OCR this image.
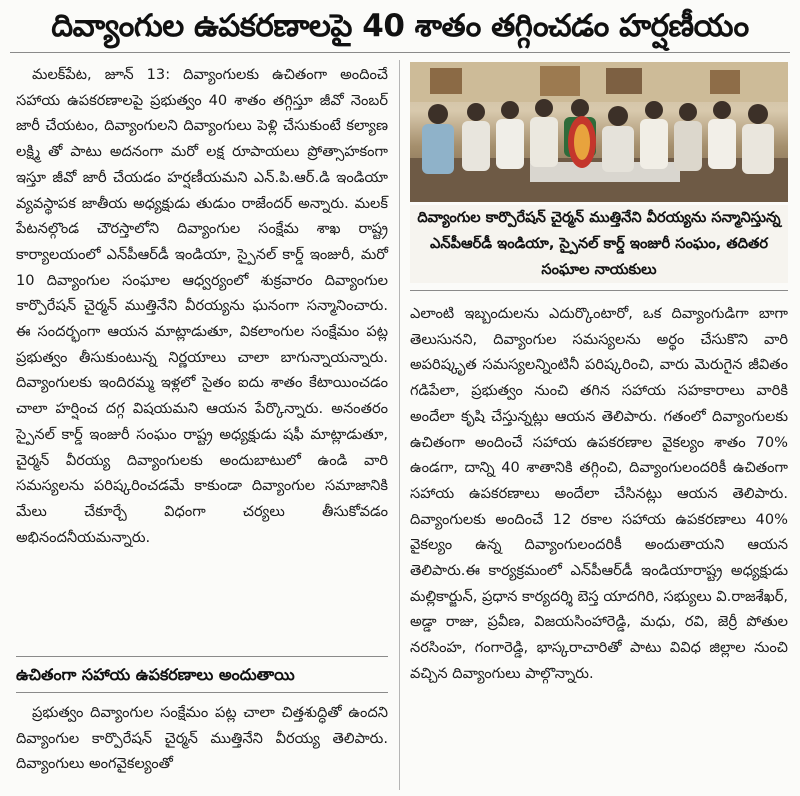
దివ్యాంగుల ఉపకరణాలపై 40 శాతం తగ్గించడం హర్షణీయం

మలక్‌పేట, జూన్ 13: దివ్యాంగులకు ఉచితంగా అందించే సహాయ ఉపకరణాలపై ప్రభుత్వం 40 శాతం తగ్గిస్తూ జీవో నెంబర్ జారీ చేయటం, దివ్యాంగులని దివ్యాంగులు పెళ్లి చేసుకుంటే కల్యాణ లక్ష్మి తో పాటు అదనంగా మరో లక్ష రూపాయలు ప్రోత్సాహకంగా ఇస్తూ జీవో జారీ చేయడం హర్షణీయమని ఎన్.పి.ఆర్.డి ఇండియా వ్యవస్థాపక జాతీయ అధ్యక్షుడు తుడుం రాజేందర్ అన్నారు. మలక్ పేటనల్గొండ చౌరస్తాలోని దివ్యాంగుల సంక్షేమ శాఖ రాష్ట్ర కార్యాలయంలో ఎన్‌పీఆర్‌డీ ఇండియా, స్పైనల్ కార్డ్ ఇంజురీ, మరో 10 దివ్యాంగుల సంఘాల ఆధ్వర్యంలో శుక్రవారం దివ్యాంగుల కార్పొరేషన్ చైర్మన్ ముత్తినేని వీరయ్యను ఘనంగా సన్మానించారు. ఈ సందర్భంగా ఆయన మాట్లాడుతూ, వికలాంగుల సంక్షేమం పట్ల ప్రభుత్వం తీసుకుంటున్న నిర్ణయాలు చాలా బాగున్నాయన్నారు. దివ్యాంగులకు ఇందిరమ్మ ఇళ్లలో సైతం ఐదు శాతం కేటాయించడం చాలా హర్షించ దగ్గ విషయమని ఆయన పేర్కొన్నారు. అనంతరం స్పైనల్ కార్డ్ ఇంజురీ సంఘం రాష్ట్ర అధ్యక్షుడు షఫీ మాట్లాడుతూ, చైర్మన్ వీరయ్య దివ్యాంగులకు అందుబాటులో ఉండి వారి సమస్యలను పరిష్కరించడమే కాకుండా దివ్యాంగుల సమాజానికి మేలు చేకూర్చే విధంగా చర్యలు తీసుకోవడం అభినందనీయమన్నారు.

ఉచితంగా సహాయ ఉపకరణాలు అందుతాయి

ప్రభుత్వం దివ్యాంగుల సంక్షేమం పట్ల చాలా చిత్తశుద్ధితో ఉందని దివ్యాంగుల కార్పొరేషన్ చైర్మన్ ముత్తినేని వీరయ్య తెలిపారు. దివ్యాంగులు అంగవైకల్యంతో

దివ్యాంగుల కార్పొరేషన్ చైర్మన్ ముత్తినేని వీరయ్యను సన్మానిస్తున్న ఎన్‌పీఆర్‌డీ ఇండియా, స్పైనల్ కార్డ్ ఇంజురీ సంఘం, తదితర సంఘాల నాయకులు

ఎలాంటి ఇబ్బందులను ఎదుర్కొంటారో, ఒక దివ్యాంగుడిగా బాగా తెలుసునని, దివ్యాంగుల సమస్యలను అర్థం చేసుకొని వారి అపరిష్కృత సమస్యలన్నింటినీ పరిష్కరించి, వారు మెరుగైన జీవితం గడిపేలా, ప్రభుత్వం నుంచి తగిన సహాయ సహకారాలు వారికి అందేలా కృషి చేస్తున్నట్లు ఆయన తెలిపారు. గతంలో దివ్యాంగులకు ఉచితంగా అందించే సహాయ ఉపకరణాల వైకల్యం శాతం 70% ఉండగా, దాన్ని 40 శాతానికి తగ్గించి, దివ్యాంగులందరికీ ఉచితంగా సహాయ ఉపకరణాలు అందేలా చేసినట్లు ఆయన తెలిపారు. దివ్యాంగులకు అందించే 12 రకాల సహాయ ఉపకరణాలు 40% వైకల్యం ఉన్న దివ్యాంగులందరికీ అందుతాయని ఆయన తెలిపారు.ఈ కార్యక్రమంలో ఎన్‌పీఆర్‌డీ ఇండియారాష్ట్ర అధ్యక్షుడు మల్లికార్జున్, ప్రధాన కార్యదర్శి బెస్త యాదగిరి, సభ్యులు వి.రాజశేఖర్, అడ్డా రాజు, ప్రవీణ, విజయసింహారెడ్డి, మధు, రవి, జెర్రీ పోతుల నరసింహ, గంగారెడ్డి, భాస్కరాచారితో పాటు వివిధ జిల్లాల నుంచి వచ్చిన దివ్యాంగులు పాల్గొన్నారు.
